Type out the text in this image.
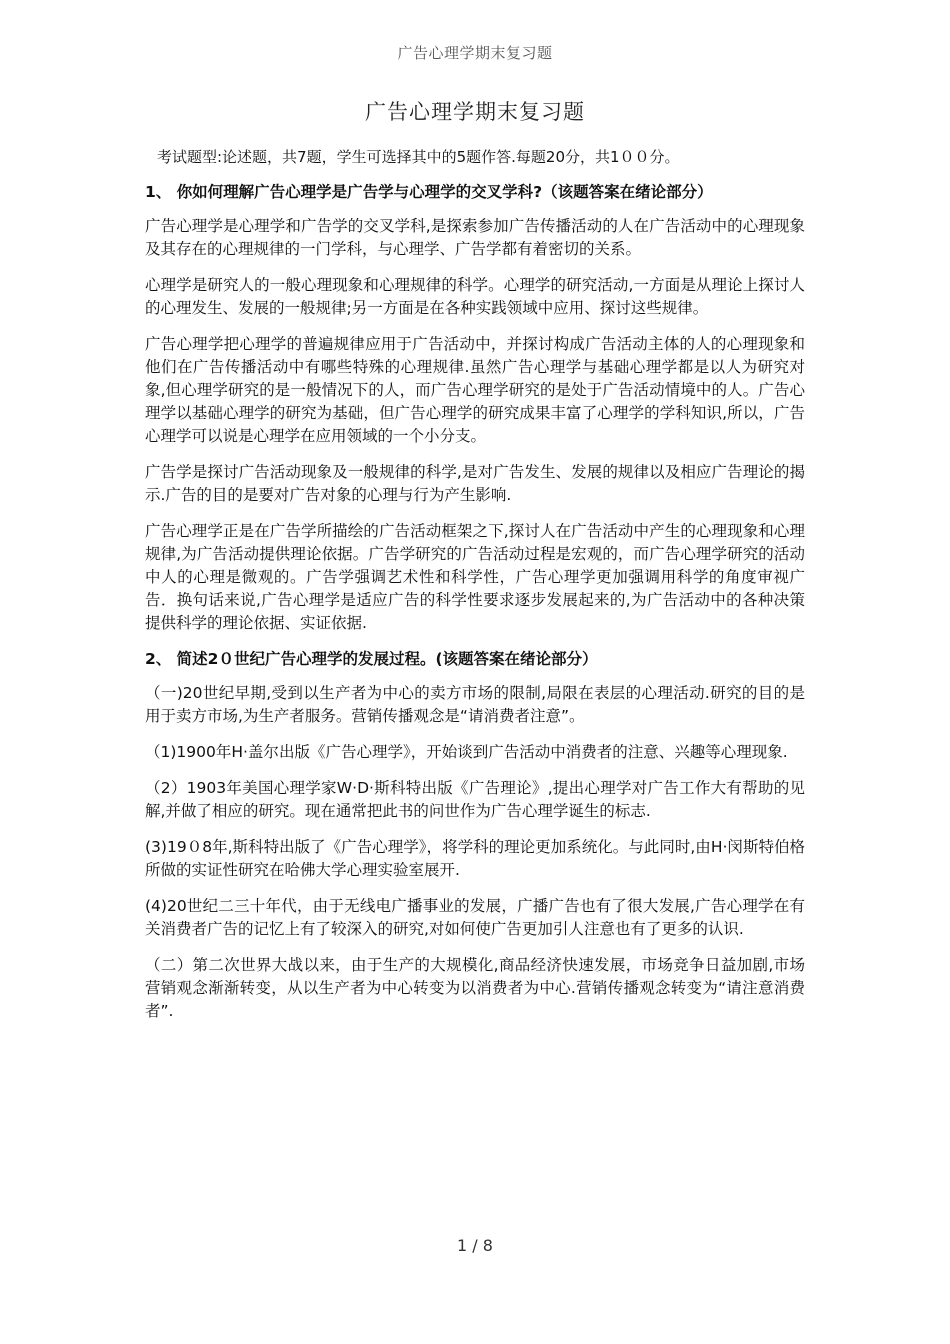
广告心理学期末复习题
广告心理学期末复习题

考试题型:论述题，共7题，学生可选择其中的5题作答.每题20分，共1００分。

1、 你如何理解广告心理学是广告学与心理学的交叉学科?（该题答案在绪论部分）

广告心理学是心理学和广告学的交叉学科,是探索参加广告传播活动的人在广告活动中的心理现象及其存在的心理规律的一门学科，与心理学、广告学都有着密切的关系。

心理学是研究人的一般心理现象和心理规律的科学。心理学的研究活动,一方面是从理论上探讨人的心理发生、发展的一般规律;另一方面是在各种实践领域中应用、探讨这些规律。

广告心理学把心理学的普遍规律应用于广告活动中，并探讨构成广告活动主体的人的心理现象和他们在广告传播活动中有哪些特殊的心理规律.虽然广告心理学与基础心理学都是以人为研究对象,但心理学研究的是一般情况下的人，而广告心理学研究的是处于广告活动情境中的人。广告心理学以基础心理学的研究为基础，但广告心理学的研究成果丰富了心理学的学科知识,所以，广告心理学可以说是心理学在应用领域的一个小分支。

广告学是探讨广告活动现象及一般规律的科学,是对广告发生、发展的规律以及相应广告理论的揭示.广告的目的是要对广告对象的心理与行为产生影响.

广告心理学正是在广告学所描绘的广告活动框架之下,探讨人在广告活动中产生的心理现象和心理规律,为广告活动提供理论依据。广告学研究的广告活动过程是宏观的，而广告心理学研究的活动中人的心理是微观的。广告学强调艺术性和科学性，广告心理学更加强调用科学的角度审视广告．换句话来说,广告心理学是适应广告的科学性要求逐步发展起来的,为广告活动中的各种决策提供科学的理论依据、实证依据.

2、 简述2０世纪广告心理学的发展过程。(该题答案在绪论部分）

（一)20世纪早期,受到以生产者为中心的卖方市场的限制,局限在表层的心理活动.研究的目的是用于卖方市场,为生产者服务。营销传播观念是“请消费者注意”。

（1)1900年H·盖尔出版《广告心理学》，开始谈到广告活动中消费者的注意、兴趣等心理现象.

（2）1903年美国心理学家W·D·斯科特出版《广告理论》,提出心理学对广告工作大有帮助的见解,并做了相应的研究。现在通常把此书的问世作为广告心理学诞生的标志.

(3)19０8年,斯科特出版了《广告心理学》，将学科的理论更加系统化。与此同时,由H·闵斯特伯格所做的实证性研究在哈佛大学心理实验室展开.

(4)20世纪二三十年代，由于无线电广播事业的发展，广播广告也有了很大发展,广告心理学在有关消费者广告的记忆上有了较深入的研究,对如何使广告更加引人注意也有了更多的认识.

（二）第二次世界大战以来，由于生产的大规模化,商品经济快速发展，市场竞争日益加剧,市场营销观念渐渐转变，从以生产者为中心转变为以消费者为中心.营销传播观念转变为“请注意消费者”.

1 / 8
